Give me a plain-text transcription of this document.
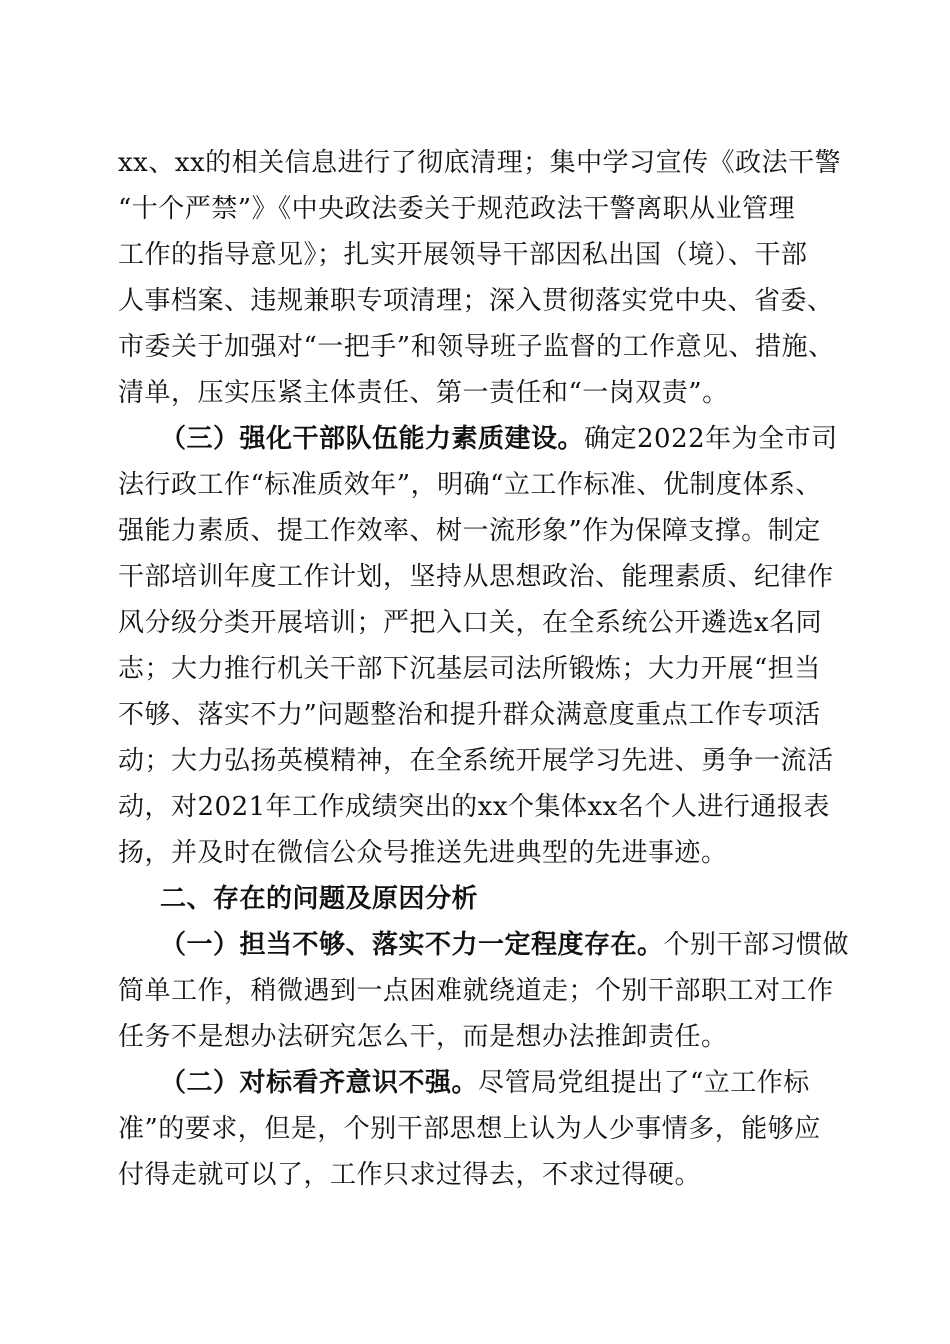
xx、xx的相关信息进行了彻底清理；集中学习宣传《政法干警
“十个严禁”》《中央政法委关于规范政法干警离职从业管理
工作的指导意见》；扎实开展领导干部因私出国（境）、干部
人事档案、违规兼职专项清理；深入贯彻落实党中央、省委、
市委关于加强对“一把手”和领导班子监督的工作意见、措施、
清单，压实压紧主体责任、第一责任和“一岗双责”。
（三）强化干部队伍能力素质建设。确定2022年为全市司
法行政工作“标准质效年”，明确“立工作标准、优制度体系、
强能力素质、提工作效率、树一流形象”作为保障支撑。制定
干部培训年度工作计划，坚持从思想政治、能理素质、纪律作
风分级分类开展培训；严把入口关，在全系统公开遴选x名同
志；大力推行机关干部下沉基层司法所锻炼；大力开展“担当
不够、落实不力”问题整治和提升群众满意度重点工作专项活
动；大力弘扬英模精神，在全系统开展学习先进、勇争一流活
动，对2021年工作成绩突出的xx个集体xx名个人进行通报表
扬，并及时在微信公众号推送先进典型的先进事迹。
二、存在的问题及原因分析
（一）担当不够、落实不力一定程度存在。个别干部习惯做
简单工作，稍微遇到一点困难就绕道走；个别干部职工对工作
任务不是想办法研究怎么干，而是想办法推卸责任。
（二）对标看齐意识不强。尽管局党组提出了“立工作标
准”的要求，但是，个别干部思想上认为人少事情多，能够应
付得走就可以了，工作只求过得去，不求过得硬。
